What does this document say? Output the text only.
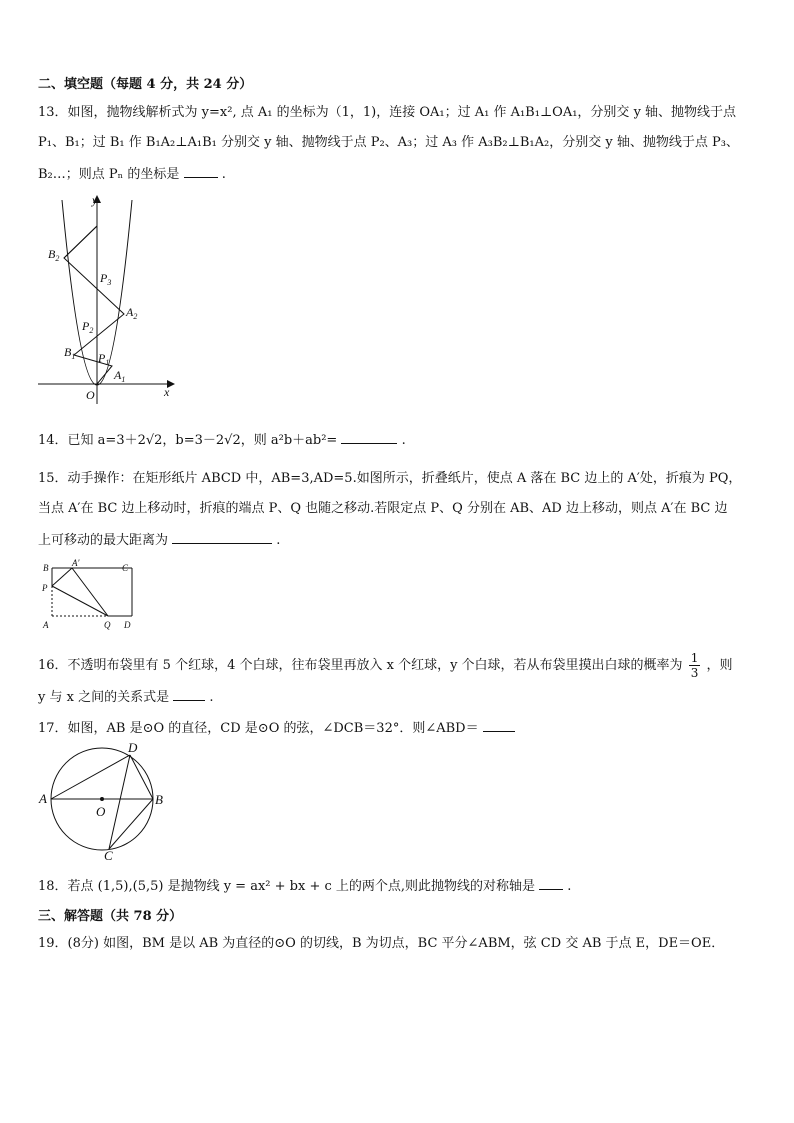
二、填空题（每题 4 分，共 24 分）
13．如图，抛物线解析式为 y=x², 点 A₁ 的坐标为（1，1)，连接 OA₁；过 A₁ 作 A₁B₁⊥OA₁，分别交 y 轴、抛物线于点
P₁、B₁；过 B₁ 作 B₁A₂⊥A₁B₁ 分别交 y 轴、抛物线于点 P₂、A₃；过 A₃ 作 A₃B₂⊥B₁A₂，分别交 y 轴、抛物线于点 P₃、
B₂…；则点 Pₙ 的坐标是	.
y
x
O
$B_2$
$P_3$
$A_2$
$P_2$
$B_1$ $P_1$
$A_1$
14．已知 a=3＋2√2，b=3－2√2，则 a²b＋ab²=	.
15．动手操作：在矩形纸片 ABCD 中，AB=3,AD=5.如图所示，折叠纸片，使点 A 落在 BC 边上的 A′处，折痕为 PQ，
当点 A′在 BC 边上移动时，折痕的端点 P、Q 也随之移动.若限定点 P、Q 分别在 AB、AD 边上移动，则点 A′在 BC 边
上可移动的最大距离为	.
B	A′	C
P
A	Q D
16．不透明布袋里有 5 个红球，4 个白球，往布袋里再放入 x 个红球，y 个白球，若从布袋里摸出白球的概率为 $\frac{1}{3}$ ，则
y 与 x 之间的关系式是	.
17．如图，AB 是⊙O 的直径，CD 是⊙O 的弦，∠DCB＝32°．则∠ABD＝
A	B
C
D
O
18．若点 (1,5),(5,5) 是抛物线 y = ax² + bx + c 上的两个点,则此抛物线的对称轴是 .
三、解答题（共 78 分）
19．(8分) 如图，BM 是以 AB 为直径的⊙O 的切线，B 为切点，BC 平分∠ABM，弦 CD 交 AB 于点 E，DE＝OE．
